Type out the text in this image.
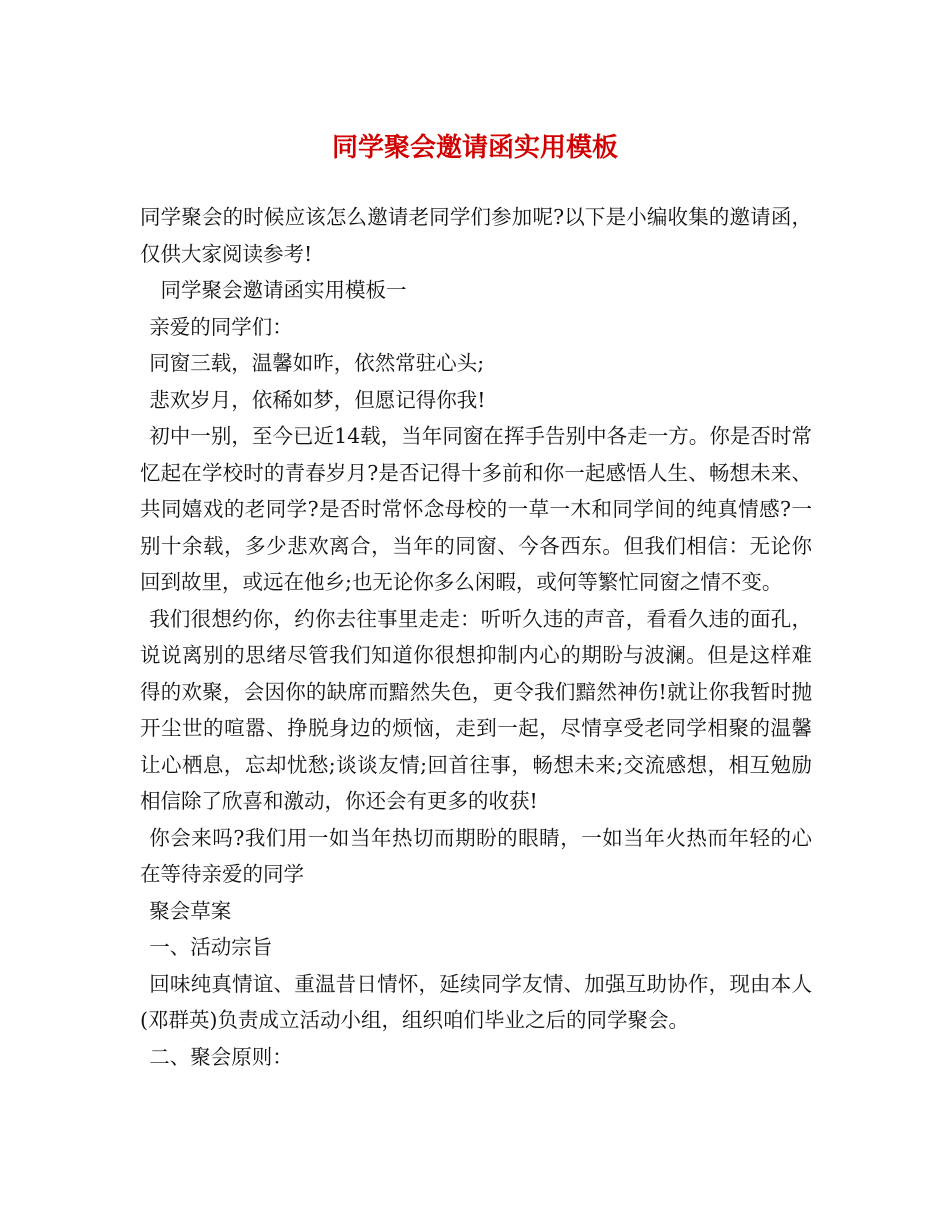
同学聚会邀请函实用模板

同学聚会的时候应该怎么邀请老同学们参加呢?以下是小编收集的邀请函，仅供大家阅读参考!

同学聚会邀请函实用模板一

亲爱的同学们：

同窗三载，温馨如昨，依然常驻心头;

悲欢岁月，依稀如梦，但愿记得你我!

初中一别，至今已近14载，当年同窗在挥手告别中各走一方。你是否时常忆起在学校时的青春岁月?是否记得十多前和你一起感悟人生、畅想未来、共同嬉戏的老同学?是否时常怀念母校的一草一木和同学间的纯真情感?一别十余载，多少悲欢离合，当年的同窗、今各西东。但我们相信：无论你回到故里，或远在他乡;也无论你多么闲暇，或何等繁忙同窗之情不变。

我们很想约你，约你去往事里走走：听听久违的声音，看看久违的面孔，说说离别的思绪尽管我们知道你很想抑制内心的期盼与波澜。但是这样难得的欢聚，会因你的缺席而黯然失色，更令我们黯然神伤!就让你我暂时抛开尘世的喧嚣、挣脱身边的烦恼，走到一起，尽情享受老同学相聚的温馨让心栖息，忘却忧愁;谈谈友情;回首往事，畅想未来;交流感想，相互勉励相信除了欣喜和激动，你还会有更多的收获!

你会来吗?我们用一如当年热切而期盼的眼睛，一如当年火热而年轻的心在等待亲爱的同学

聚会草案

一、活动宗旨

回味纯真情谊、重温昔日情怀，延续同学友情、加强互助协作，现由本人(邓群英)负责成立活动小组，组织咱们毕业之后的同学聚会。

二、聚会原则：
